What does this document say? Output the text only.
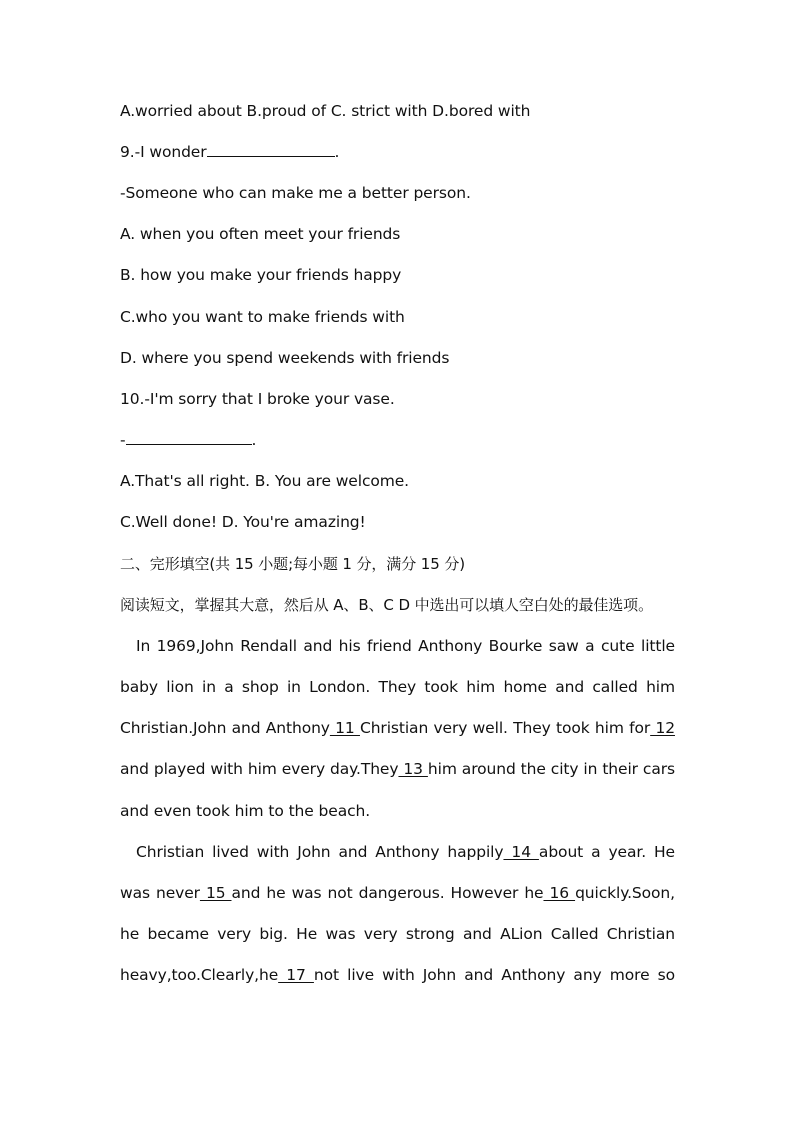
A.worried about B.proud of C. strict with D.bored with
9.-I wonder	.
-Someone who can make me a better person.
A. when you often meet your friends
B. how you make your friends happy
C.who you want to make friends with
D. where you spend weekends with friends
10.-I'm sorry that I broke your vase.
-	.
A.That's all right. B. You are welcome.
C.Well done! D. You're amazing!
二、完形填空(共 15 小题;每小题 1 分，满分 15 分)
阅读短文，掌握其大意，然后从 A、B、C D 中选出可以填人空白处的最佳选项。
In 1969,John Rendall and his friend Anthony Bourke saw a cute little
baby lion in a shop in London. They took him home and called him
Christian.John and Anthony 11 Christian very well. They took him for 12
and played with him every day.They 13 him around the city in their cars
and even took him to the beach.
Christian lived with John and Anthony happily 14 about a year. He
was never 15 and he was not dangerous. However he 16 quickly.Soon,
he became very big. He was very strong and ALion Called Christian
heavy,too.Clearly,he 17 not live with John and Anthony any more so
